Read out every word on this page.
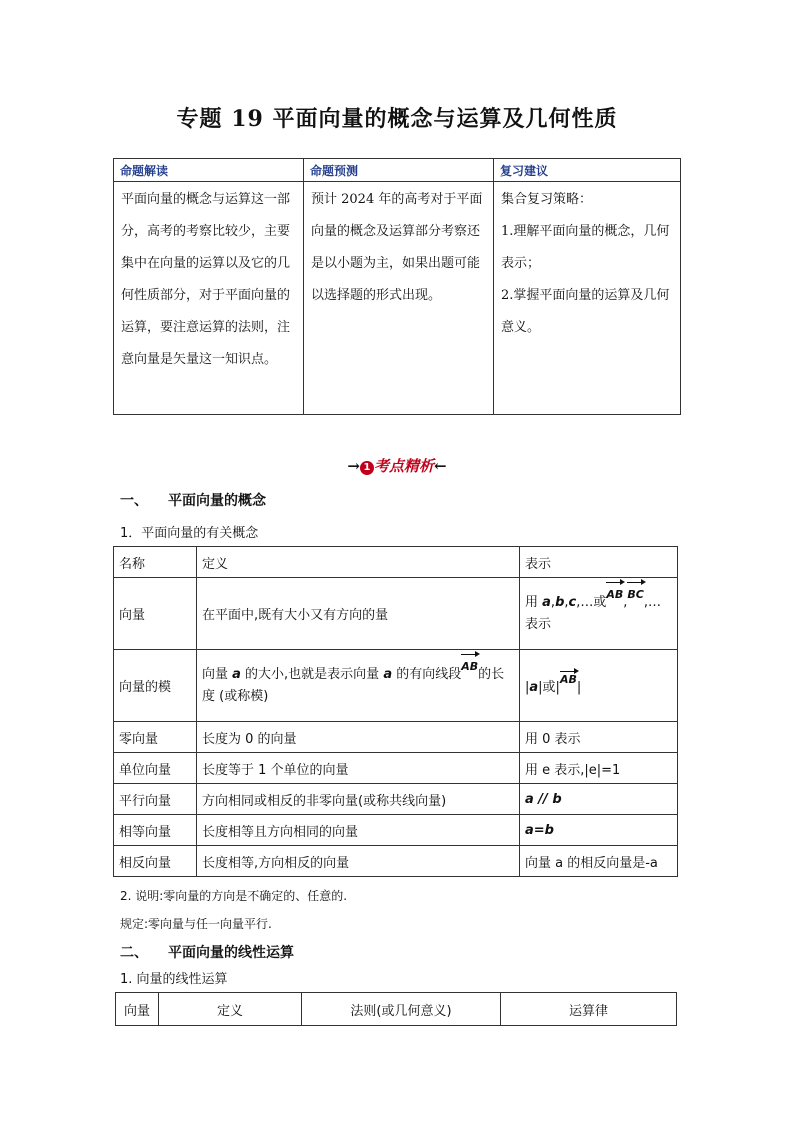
专题 19 平面向量的概念与运算及几何性质
命题解读	命题预测	复习建议
平面向量的概念与运算这一部分，高考的考察比较少，主要集中在向量的运算以及它的几何性质部分，对于平面向量的运算，要注意运算的法则，注意向量是矢量这一知识点。	预计 2024 年的高考对于平面向量的概念及运算部分考察还是以小题为主，如果出题可能以选择题的形式出现。	集合复习策略：
1.理解平面向量的概念，几何表示；
2.掌握平面向量的运算及几何意义。
→ 1 考点精析←
一、 平面向量的概念
1．平面向量的有关概念
名称	定义	表示
向量	在平面中,既有大小又有方向的量	用 a,b,c,…或AB,BC,…表示
向量的模	向量 a 的大小,也就是表示向量 a 的有向线段AB的长度 (或称模)	|a|或|AB|
零向量	长度为 0 的向量	用 0 表示
单位向量	长度等于 1 个单位的向量	用 e 表示,|e|=1
平行向量	方向相同或相反的非零向量(或称共线向量)	a // b
相等向量	长度相等且方向相同的向量	a=b
相反向量	长度相等,方向相反的向量	向量 a 的相反向量是-a
2. 说明:零向量的方向是不确定的、任意的.
规定:零向量与任一向量平行.
二、 平面向量的线性运算
1. 向量的线性运算
向量	定义	法则(或几何意义)	运算律
